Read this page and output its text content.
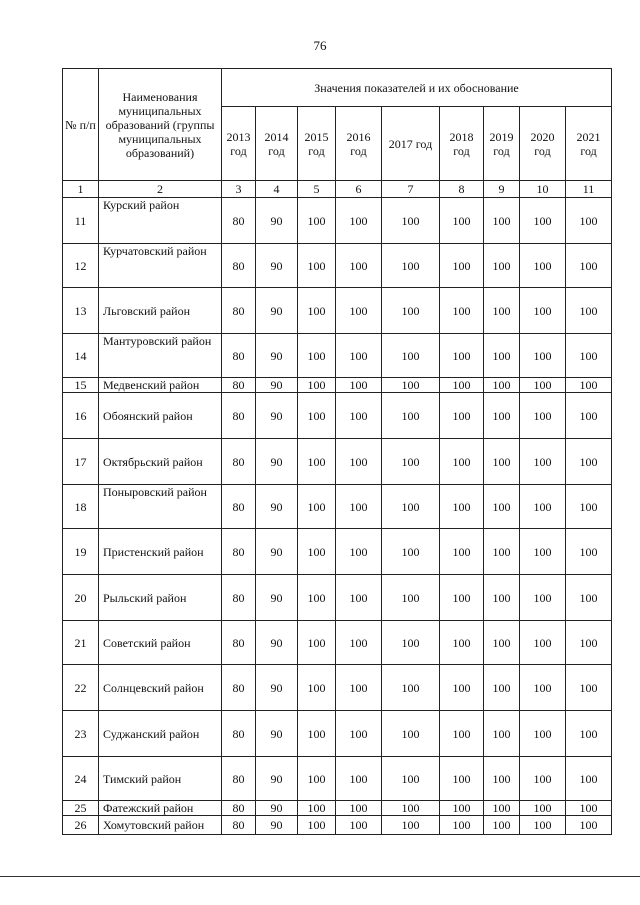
76
№ п/п	Наименования муниципальных образований (группы муниципальных образований)	Значения показателей и их обоснование								
		2013 год	2014 год	2015 год	2016 год	2017 год	2018 год	2019 год	2020 год	2021 год
1	2	3	4	5	6	7	8	9	10	11
11	Курский район	80	90	100	100	100	100	100	100	100
12	Курчатовский район	80	90	100	100	100	100	100	100	100
13	Льговский район	80	90	100	100	100	100	100	100	100
14	Мантуровский район	80	90	100	100	100	100	100	100	100
15	Медвенский район	80	90	100	100	100	100	100	100	100
16	Обоянский район	80	90	100	100	100	100	100	100	100
17	Октябрьский район	80	90	100	100	100	100	100	100	100
18	Поныровский район	80	90	100	100	100	100	100	100	100
19	Пристенский район	80	90	100	100	100	100	100	100	100
20	Рыльский район	80	90	100	100	100	100	100	100	100
21	Советский район	80	90	100	100	100	100	100	100	100
22	Солнцевский район	80	90	100	100	100	100	100	100	100
23	Суджанский район	80	90	100	100	100	100	100	100	100
24	Тимский район	80	90	100	100	100	100	100	100	100
25	Фатежский район	80	90	100	100	100	100	100	100	100
26	Хомутовский район	80	90	100	100	100	100	100	100	100
